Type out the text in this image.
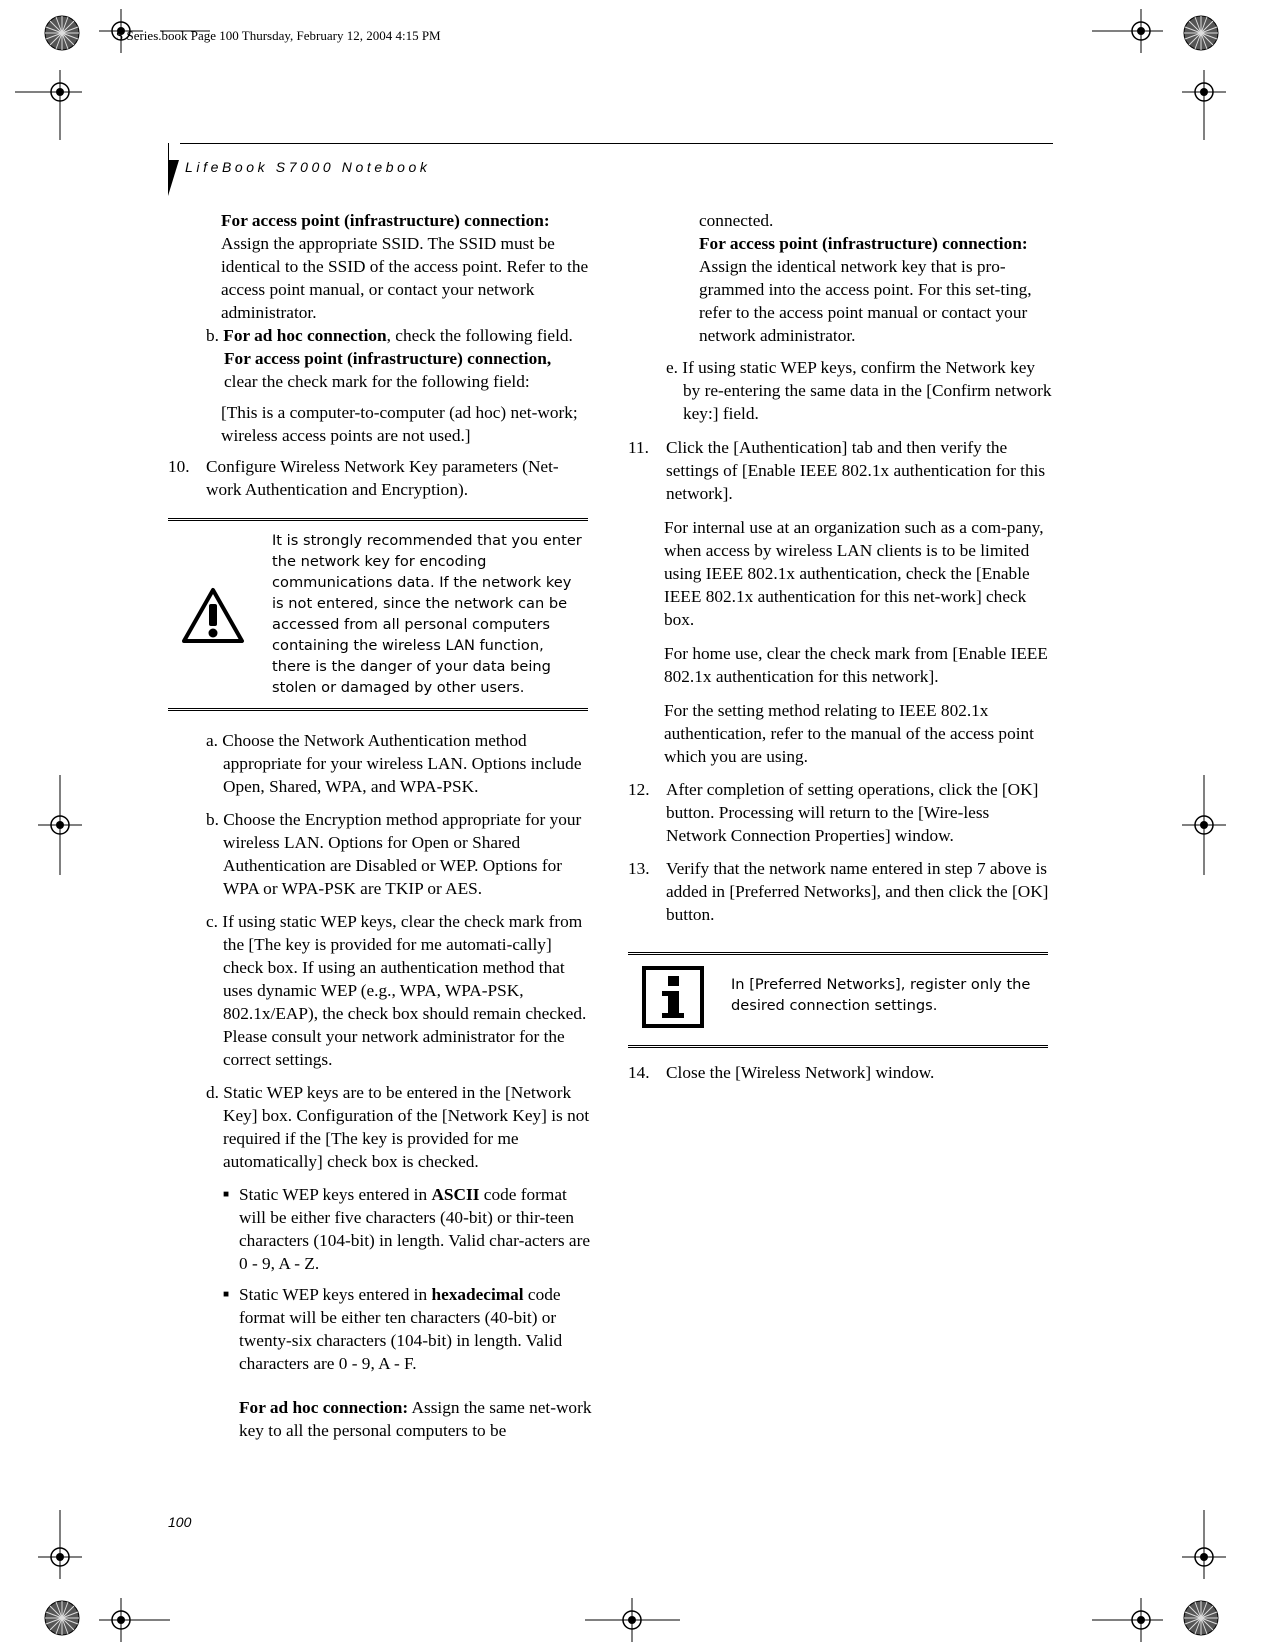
S Series.book Page 100 Thursday, February 12, 2004 4:15 PM
LifeBook S7000 Notebook

For access point (infrastructure) connection:
Assign the appropriate SSID. The SSID must be identical to the SSID of the access point. Refer to the access point manual, or contact your network administrator.

b. For ad hoc connection, check the following field.

For access point (infrastructure) connection,
clear the check mark for the following field:

[This is a computer-to-computer (ad hoc) net-work; wireless access points are not used.]

10. Configure Wireless Network Key parameters (Net-work Authentication and Encryption).
It is strongly recommended that you enter the network key for encoding communications data. If the network key is not entered, since the network can be accessed from all personal computers containing the wireless LAN function, there is the danger of your data being stolen or damaged by other users.

a. Choose the Network Authentication method appropriate for your wireless LAN. Options include Open, Shared, WPA, and WPA-PSK.

b. Choose the Encryption method appropriate for your wireless LAN. Options for Open or Shared Authentication are Disabled or WEP. Options for WPA or WPA-PSK are TKIP or AES.

c. If using static WEP keys, clear the check mark from the [The key is provided for me automati-cally] check box. If using an authentication method that uses dynamic WEP (e.g., WPA, WPA-PSK, 802.1x/EAP), the check box should remain checked. Please consult your network administrator for the correct settings.

d. Static WEP keys are to be entered in the [Network Key] box. Configuration of the [Network Key] is not required if the [The key is provided for me automatically] check box is checked.

■ Static WEP keys entered in ASCII code format will be either five characters (40-bit) or thir-teen characters (104-bit) in length. Valid char-acters are 0 - 9, A - Z.
■ Static WEP keys entered in hexadecimal code format will be either ten characters (40-bit) or twenty-six characters (104-bit) in length. Valid characters are 0 - 9, A - F.

For ad hoc connection: Assign the same net-work key to all the personal computers to be

connected.

For access point (infrastructure) connection:
Assign the identical network key that is pro-grammed into the access point. For this set-ting, refer to the access point manual or contact your network administrator.

e. If using static WEP keys, confirm the Network key by re-entering the same data in the [Confirm network key:] field.

11. Click the [Authentication] tab and then verify the settings of [Enable IEEE 802.1x authentication for this network].

For internal use at an organization such as a com-pany, when access by wireless LAN clients is to be limited using IEEE 802.1x authentication, check the [Enable IEEE 802.1x authentication for this net-work] check box.

For home use, clear the check mark from [Enable IEEE 802.1x authentication for this network].

For the setting method relating to IEEE 802.1x authentication, refer to the manual of the access point which you are using.

12. After completion of setting operations, click the [OK] button. Processing will return to the [Wire-less Network Connection Properties] window.
13. Verify that the network name entered in step 7 above is added in [Preferred Networks], and then click the [OK] button.
In [Preferred Networks], register only the desired connection settings.
14. Close the [Wireless Network] window.
100
